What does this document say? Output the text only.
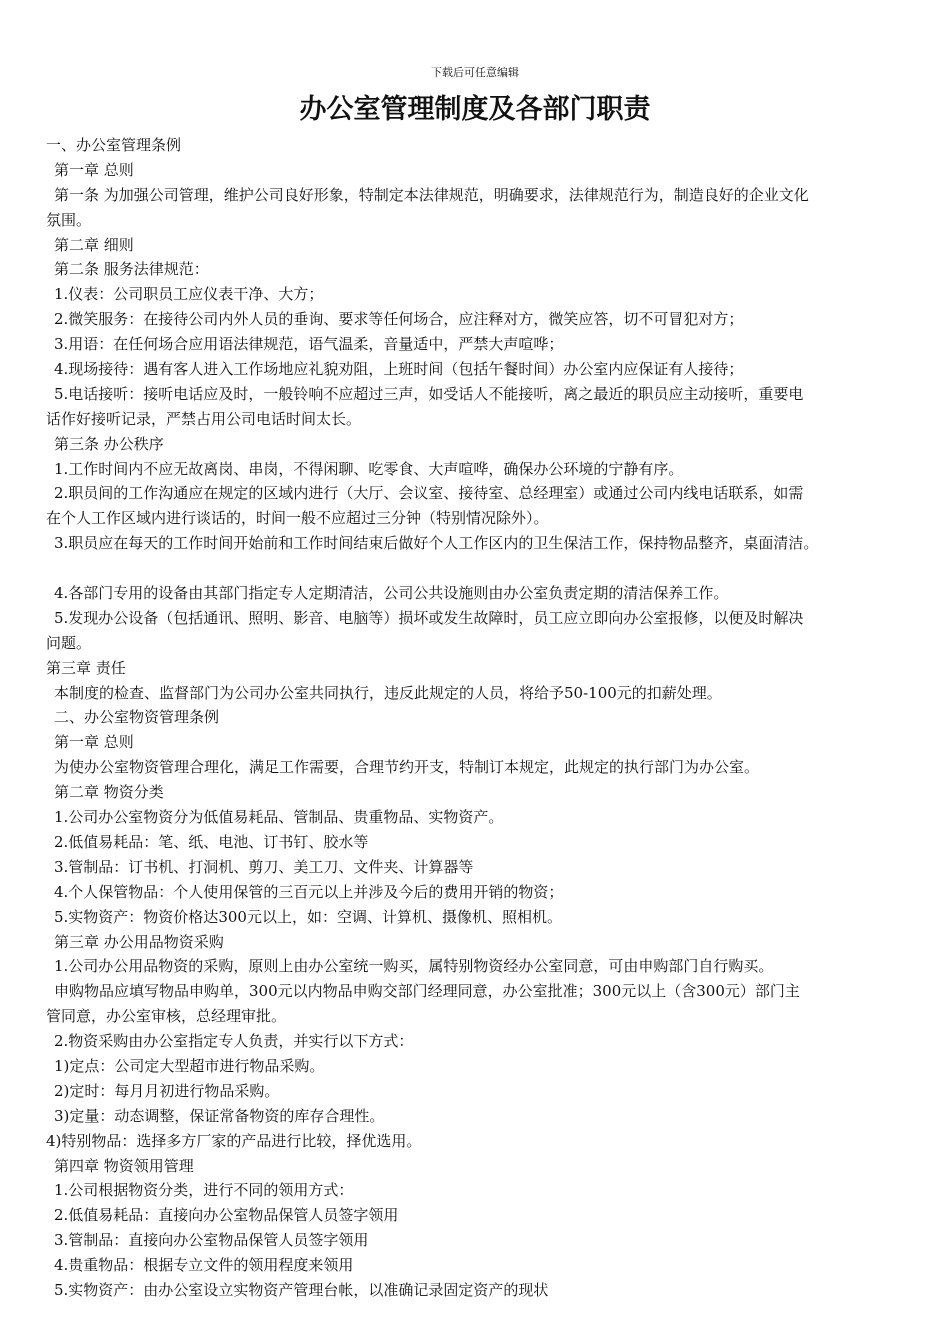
下载后可任意编辑
办公室管理制度及各部门职责
一、办公室管理条例
第一章 总则
第一条 为加强公司管理，维护公司良好形象，特制定本法律规范，明确要求，法律规范行为，制造良好的企业文化
氛围。
第二章 细则
第二条 服务法律规范：
1.仪表：公司职员工应仪表干净、大方；
2.微笑服务：在接待公司内外人员的垂询、要求等任何场合，应注释对方，微笑应答，切不可冒犯对方；
3.用语：在任何场合应用语法律规范，语气温柔，音量适中，严禁大声喧哗；
4.现场接待：遇有客人进入工作场地应礼貌劝阻，上班时间（包括午餐时间）办公室内应保证有人接待；
5.电话接听：接听电话应及时，一般铃响不应超过三声，如受话人不能接听，离之最近的职员应主动接听，重要电
话作好接听记录，严禁占用公司电话时间太长。
第三条 办公秩序
1.工作时间内不应无故离岗、串岗，不得闲聊、吃零食、大声喧哗，确保办公环境的宁静有序。
2.职员间的工作沟通应在规定的区域内进行（大厅、会议室、接待室、总经理室）或通过公司内线电话联系，如需
在个人工作区域内进行谈话的，时间一般不应超过三分钟（特别情况除外）。
3.职员应在每天的工作时间开始前和工作时间结束后做好个人工作区内的卫生保洁工作，保持物品整齐，桌面清洁。
4.各部门专用的设备由其部门指定专人定期清洁，公司公共设施则由办公室负责定期的清洁保养工作。
5.发现办公设备（包括通讯、照明、影音、电脑等）损坏或发生故障时，员工应立即向办公室报修，以便及时解决
问题。
第三章 责任
本制度的检查、监督部门为公司办公室共同执行，违反此规定的人员，将给予50-100元的扣薪处理。
二、办公室物资管理条例
第一章 总则
为使办公室物资管理合理化，满足工作需要，合理节约开支，特制订本规定，此规定的执行部门为办公室。
第二章 物资分类
1.公司办公室物资分为低值易耗品、管制品、贵重物品、实物资产。
2.低值易耗品：笔、纸、电池、订书钉、胶水等
3.管制品：订书机、打洞机、剪刀、美工刀、文件夹、计算器等
4.个人保管物品：个人使用保管的三百元以上并涉及今后的费用开销的物资；
5.实物资产：物资价格达300元以上，如：空调、计算机、摄像机、照相机。
第三章 办公用品物资采购
1.公司办公用品物资的采购，原则上由办公室统一购买，属特别物资经办公室同意，可由申购部门自行购买。
申购物品应填写物品申购单，300元以内物品申购交部门经理同意，办公室批准；300元以上（含300元）部门主
管同意，办公室审核，总经理审批。
2.物资采购由办公室指定专人负责，并实行以下方式：
1)定点：公司定大型超市进行物品采购。
2)定时：每月月初进行物品采购。
3)定量：动态调整，保证常备物资的库存合理性。
4)特别物品：选择多方厂家的产品进行比较，择优选用。
第四章 物资领用管理
1.公司根据物资分类，进行不同的领用方式：
2.低值易耗品：直接向办公室物品保管人员签字领用
3.管制品：直接向办公室物品保管人员签字领用
4.贵重物品：根据专立文件的领用程度来领用
5.实物资产：由办公室设立实物资产管理台帐，以准确记录固定资产的现状
